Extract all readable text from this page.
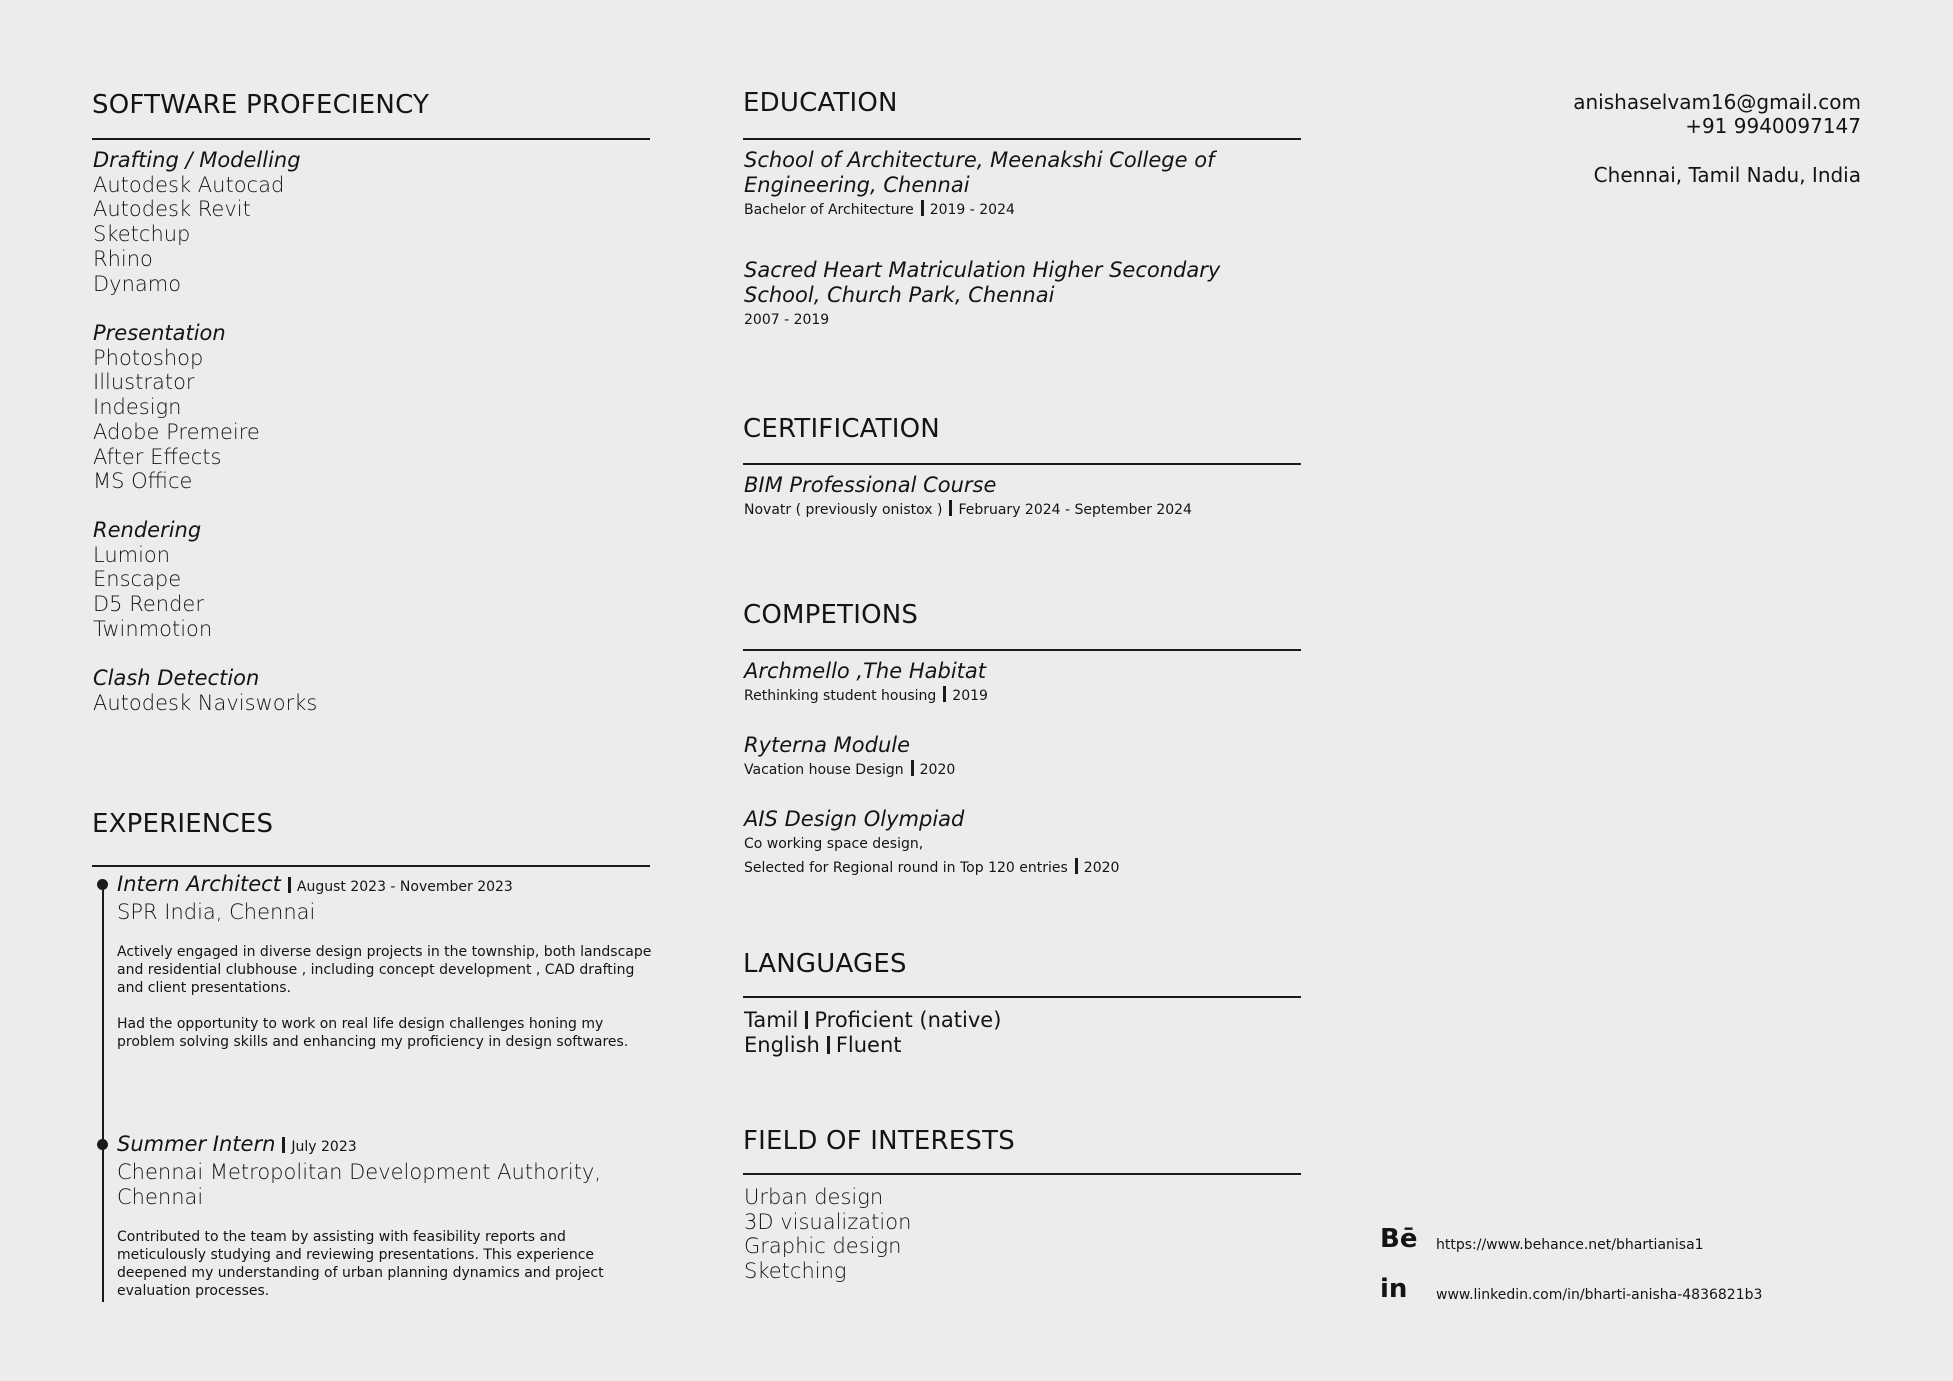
SOFTWARE PROFECIENCY
Drafting / Modelling
Autodesk Autocad
Autodesk Revit
Sketchup
Rhino
Dynamo
Presentation
Photoshop
Illustrator
Indesign
Adobe Premeire
After Effects
MS Office
Rendering
Lumion
Enscape
D5 Render
Twinmotion
Clash Detection
Autodesk Navisworks
EXPERIENCES
Intern Architect August 2023 - November 2023
SPR India, Chennai

Actively engaged in diverse design projects in the township, both landscape and residential clubhouse , including concept development , CAD drafting and client presentations.

Had the opportunity to work on real life design challenges honing my problem solving skills and enhancing my proficiency in design softwares.

Summer Intern July 2023
Chennai Metropolitan Development Authority, Chennai

Contributed to the team by assisting with feasibility reports and meticulously studying and reviewing presentations. This experience deepened my understanding of urban planning dynamics and project evaluation processes.

EDUCATION
School of Architecture, Meenakshi College of Engineering, Chennai
Bachelor of Architecture 2019 - 2024
Sacred Heart Matriculation Higher Secondary School, Church Park, Chennai
2007 - 2019
CERTIFICATION
BIM Professional Course
Novatr ( previously onistox ) February 2024 - September 2024
COMPETIONS
Archmello ,The Habitat
Rethinking student housing 2019
Ryterna Module
Vacation house Design 2020
AIS Design Olympiad
Co working space design,
Selected for Regional round in Top 120 entries 2020
LANGUAGES
Tamil Proficient (native)
English Fluent
FIELD OF INTERESTS
Urban design
3D visualization
Graphic design
Sketching
anishaselvam16@gmail.com
+91 9940097147
Chennai, Tamil Nadu, India
Bē https://www.behance.net/bhartianisa1
in www.linkedin.com/in/bharti-anisha-4836821b3
